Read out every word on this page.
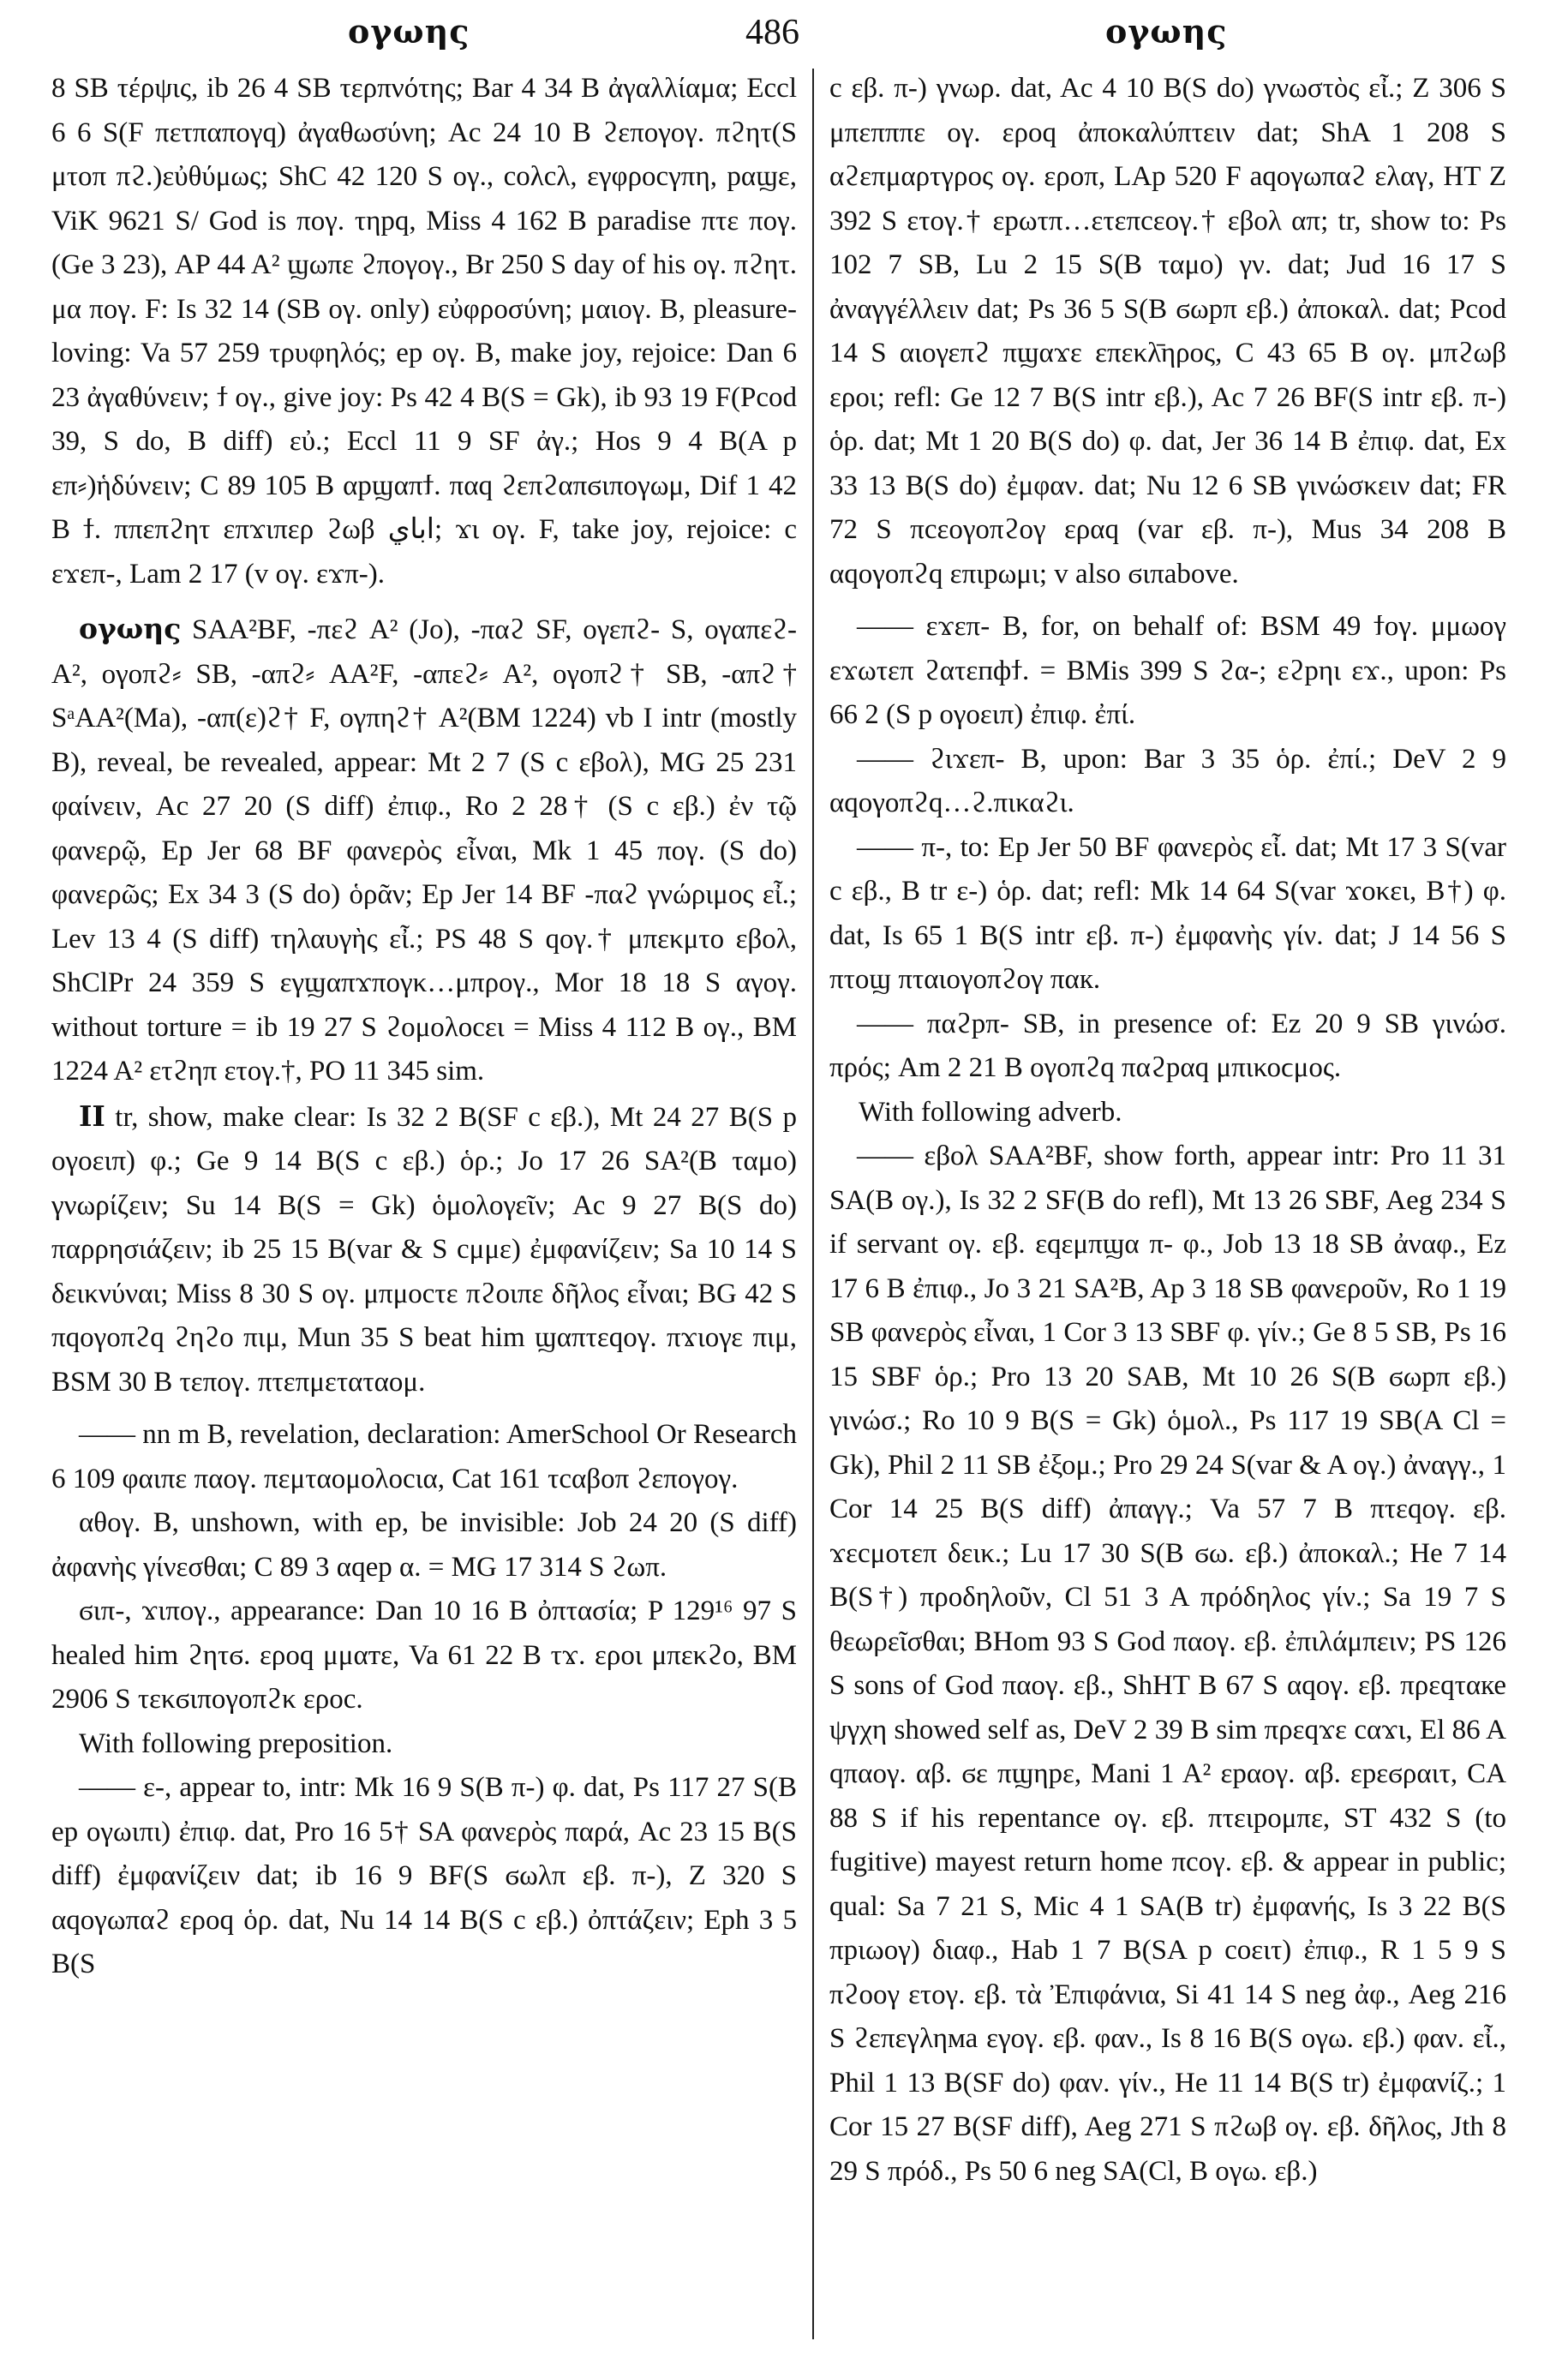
ογωης	486	ογωης

8 SB τέρψις, ib 26 4 SB τερπνότης; Bar 4 34 B ἀγαλλίαμα; Eccl 6 6 S(F πετπαπογq) ἀγαθωσύνη; Ac 24 10 B ϩεπογογ. πϩητ(S μτοπ πϩ.)εὐθύμως; ShC 42 120 S ογ., coλcλ, εγφροcγπη, pαϣε, ViK 9621 S/ God is πογ. τηpq, Miss 4 162 B paradise πτε πογ. (Ge 3 23), AP 44 A² ϣωπε ϩπογογ., Br 250 S day of his ογ. πϩητ. μα πογ. F: Is 32 14 (SB ογ. only) εὐφροσύνη; μαιογ. B, pleasure-loving: Va 57 259 τρυφηλός; ep ογ. B, make joy, rejoice: Dan 6 23 ἀγαθύνειν; ϯ ογ., give joy: Ps 42 4 B(S = Gk), ib 93 19 F(Pcod 39, S do, B diff) εὐ.; Eccl 11 9 SF ἀγ.; Hos 9 4 B(A p επ⸗)ἡδύνειν; C 89 105 B αpϣαπϯ. παq ϩεπϩαπϭιπογωμ, Dif 1 42 B ϯ. ππεπϩητ επϫιπερ ϩωβ اباي; ϫι ογ. F, take joy, rejoice: c εϫεπ-, Lam 2 17 (v ογ. εϫπ-).

ογωης SAA²BF, -πεϩ A² (Jo), -παϩ SF, ογεπϩ- S, ογαπεϩ- A², ογοπϩ⸗ SB, -απϩ⸗ AA²F, -απεϩ⸗ A², ογοπϩ† SB, -απϩ† SᵃAA²(Ma), -απ(ε)ϩ† F, ογπηϩ† A²(BM 1224) vb I intr (mostly B), reveal, be revealed, appear: Mt 2 7 (S c εβολ), MG 25 231 φαίνειν, Ac 27 20 (S diff) ἐπιφ., Ro 2 28† (S c εβ.) ἐν τῷ φανερῷ, Ep Jer 68 BF φανερὸς εἶναι, Mk 1 45 πογ. (S do) φανερῶς; Ex 34 3 (S do) ὁρᾶν; Ep Jer 14 BF -παϩ γνώριμος εἶ.; Lev 13 4 (S diff) τηλαυγὴς εἶ.; PS 48 S qογ.† μπεκμτο εβολ, ShClPr 24 359 S εγϣαπϫπογκ…μπρογ., Mor 18 18 S αγογ. without torture = ib 19 27 S ϩομολοcει = Miss 4 112 B ογ., BM 1224 A² ετϩηπ ετογ.†, PO 11 345 sim.

II tr, show, make clear: Is 32 2 B(SF c εβ.), Mt 24 27 B(S p ογοειπ) φ.; Ge 9 14 B(S c εβ.) ὁρ.; Jo 17 26 SA²(B ταμο) γνωρίζειν; Su 14 B(S = Gk) ὁμολογεῖν; Ac 9 27 B(S do) παρρησιάζειν; ib 25 15 B(var & S cμμε) ἐμφανίζειν; Sa 10 14 S δεικνύναι; Miss 8 30 S ογ. μπμοcτε πϩοιπε δῆλος εἶναι; BG 42 S πqογοπϩq ϩηϩο πιμ, Mun 35 S beat him ϣαπτεqογ. πϫιογε πιμ, BSM 30 B τεπογ. πτεπμεταταομ.

—— nn m B, revelation, declaration: AmerSchool Or Research 6 109 φαιπε παογ. πεμταομολοcια, Cat 161 τcαβοπ ϩεπογογ.

αθογ. B, unshown, with ep, be invisible: Job 24 20 (S diff) ἀφανὴς γίνεσθαι; C 89 3 αqep α. = MG 17 314 S ϩωπ.

ϭιπ-, ϫιπογ., appearance: Dan 10 16 B ὀπτασία; P 129¹⁶ 97 S healed him ϩητϭ. εροq μμαтε, Va 61 22 B τϫ. εροι μπεκϩο, BM 2906 S τεκϭιπογοπϩκ εροc.

With following preposition.

—— ε-, appear to, intr: Mk 16 9 S(B π-) φ. dat, Ps 117 27 S(B ep ογωιπι) ἐπιφ. dat, Pro 16 5† SA φανερὸς παρά, Ac 23 15 B(S diff) ἐμφανίζειν dat; ib 16 9 BF(S ϭωλπ εβ. π-), Z 320 S αqογωπαϩ εροq ὁρ. dat, Nu 14 14 B(S c εβ.) ὀπτάζειν; Eph 3 5 B(S

c εβ. π-) γνωρ. dat, Ac 4 10 B(S do) γνωστὸς εἶ.; Z 306 S μπεπππε ογ. εροq ἀποκαλύπτειν dat; ShA 1 208 S αϩεπμαρτγρος ογ. εροπ, LAp 520 F aqογωπαϩ ελαγ, HT Z 392 S ετογ.† εpωτπ…ετεπcεογ.† εβολ απ; tr, show to: Ps 102 7 SB, Lu 2 15 S(B ταμο) γν. dat; Jud 16 17 S ἀναγγέλλειν dat; Ps 36 5 S(B ϭωpπ εβ.) ἀποκαλ. dat; Pcod 14 S αιογεπϩ πϣαϫε επεκλ̄ηρος, C 43 65 B ογ. μπϩωβ εροι; refl: Ge 12 7 B(S intr εβ.), Ac 7 26 BF(S intr εβ. π-) ὁρ. dat; Mt 1 20 B(S do) φ. dat, Jer 36 14 B ἐπιφ. dat, Ex 33 13 B(S do) ἐμφαν. dat; Nu 12 6 SB γινώσκειν dat; FR 72 S πcεογοπϩογ εραq (var εβ. π-), Mus 34 208 B αqογοπϩq επιpωμι; v also ϭιπabove.

—— εϫεπ- B, for, on behalf of: BSM 49 ϯογ. μμωογ εϫωτεπ ϩατεпфϯ. = BMis 399 S ϩα-; εϩpηι εϫ., upon: Ps 66 2 (S p ογοειπ) ἐπιφ. ἐπί.

—— ϩιϫεπ- B, upon: Bar 3 35 ὁρ. ἐπί.; DeV 2 9 αqογοπϩq…ϩ.πικαϩι.

—— π-, to: Ep Jer 50 BF φανερὸς εἶ. dat; Mt 17 3 S(var c εβ., B tr ε-) ὁρ. dat; refl: Mk 14 64 S(var ϫοκει, B†) φ. dat, Is 65 1 B(S intr εβ. π-) ἐμφανὴς γίν. dat; J 14 56 S πτοϣ πταιογοπϩογ παк.

—— παϩpπ- SB, in presence of: Ez 20 9 SB γινώσ. πρός; Am 2 21 B ογοπϩq παϩpαq μπικοϲμος.

With following adverb.

—— εβολ SAA²BF, show forth, appear intr: Pro 11 31 SA(B ογ.), Is 32 2 SF(B do refl), Mt 13 26 SBF, Aeg 234 S if servant ογ. εβ. εqεμπϣα π- φ., Job 13 18 SB ἀναφ., Ez 17 6 B ἐπιφ., Jo 3 21 SA²B, Ap 3 18 SB φανεροῦν, Ro 1 19 SB φανερὸς εἶναι, 1 Cor 3 13 SBF φ. γίν.; Ge 8 5 SB, Ps 16 15 SBF ὁρ.; Pro 13 20 SAB, Mt 10 26 S(B ϭωpπ εβ.) γινώσ.; Ro 10 9 B(S = Gk) ὁμολ., Ps 117 19 SB(A Cl = Gk), Phil 2 11 SB ἐξομ.; Pro 29 24 S(var & A ογ.) ἀναγγ., 1 Cor 14 25 B(S diff) ἀπαγγ.; Va 57 7 B πτεqογ. εβ. ϫεcμοτεπ δεικ.; Lu 17 30 S(B ϭω. εβ.) ἀποκαλ.; He 7 14 B(S†) προδηλοῦν, Cl 51 3 A πρόδηλος γίν.; Sa 19 7 S θεωρεῖσθαι; BHom 93 S God παογ. εβ. ἐπιλάμπειν; PS 126 S sons of God παογ. εβ., ShHT B 67 S αqογ. εβ. πρεqταке ψγχη showed self as, DeV 2 39 B sim πρεqϫε cαϫι, El 86 A qπαογ. αβ. ϭε πϣηpε, Mani 1 A² εpαογ. αβ. εpεϭραιτ, CA 88 S if his repentance ογ. εβ. πτειpομπε, ST 432 S (to fugitive) mayest return home πcογ. εβ. & appear in public; qual: Sa 7 21 S, Mic 4 1 SA(B tr) ἐμφανής, Is 3 22 B(S πpιωογ) διαφ., Hab 1 7 B(SA p coειτ) ἐπιφ., R 1 5 9 S πϩοογ ετογ. εβ. τὰ Ἐπιφάνια, Si 41 14 S neg ἀφ., Aeg 216 S ϩεπεγληма εγογ. εβ. φαν., Is 8 16 B(S ογω. εβ.) φαν. εἶ., Phil 1 13 B(SF do) φαν. γίν., He 11 14 B(S tr) ἐμφανίζ.; 1 Cor 15 27 B(SF diff), Aeg 271 S πϩωβ ογ. εβ. δῆλος, Jth 8 29 S πρόδ., Ps 50 6 neg SA(Cl, B ογω. εβ.)
